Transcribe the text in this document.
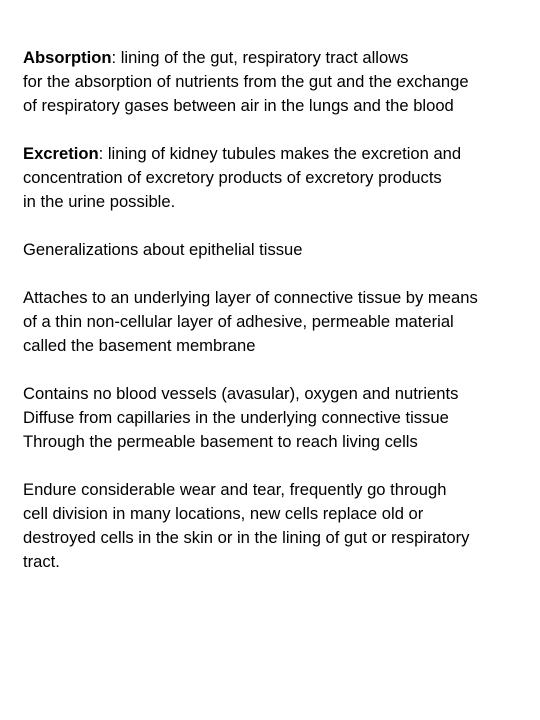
Absorption: lining of the gut, respiratory tract allows
for the absorption of nutrients from the gut and the exchange
of respiratory gases between air in the lungs and the blood

Excretion: lining of kidney tubules makes the excretion and
concentration of excretory products of excretory products
in the urine possible.

Generalizations about epithelial tissue

Attaches to an underlying layer of connective tissue by means
of a thin non-cellular layer of adhesive, permeable material
called the basement membrane

Contains no blood vessels (avasular), oxygen and nutrients
Diffuse from capillaries in the underlying connective tissue
Through the permeable basement to reach living cells

Endure considerable wear and tear, frequently go through
cell division in many locations, new cells replace old or
destroyed cells in the skin or in the lining of gut or respiratory
tract.
